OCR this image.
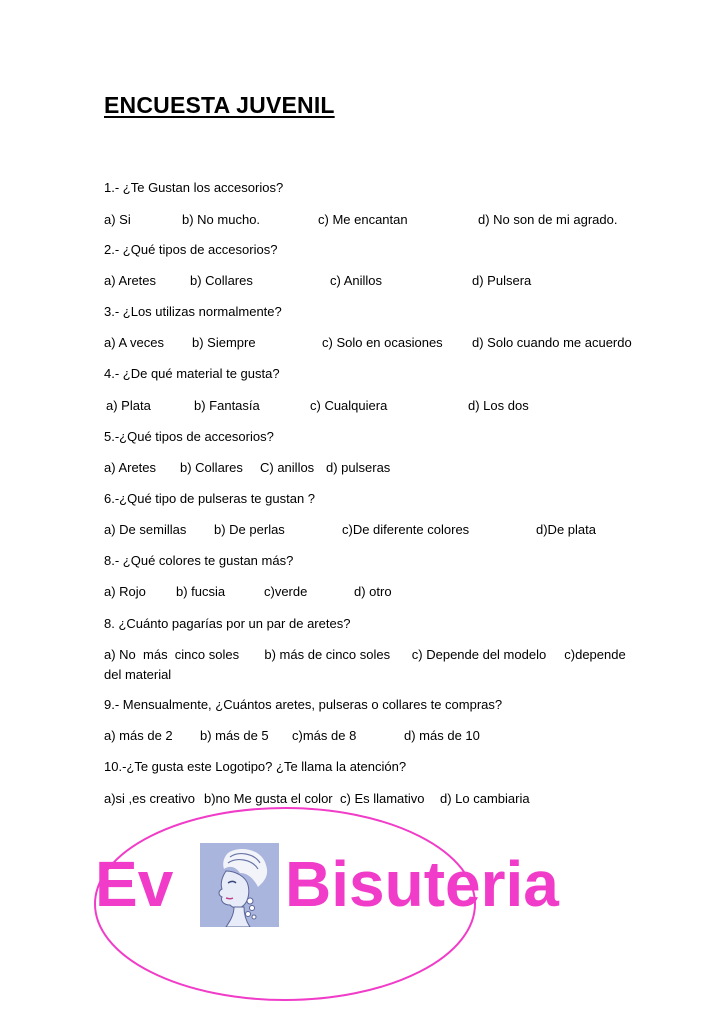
ENCUESTA JUVENIL
1.- ¿Te Gustan los accesorios?
a) Si	b) No mucho.	c) Me encantan	d) No son de mi agrado.
2.- ¿Qué tipos de accesorios?
a) Aretes	b) Collares	c) Anillos	d) Pulsera
3.- ¿Los utilizas normalmente?
a) A veces b) Siempre	c) Solo en ocasiones d) Solo cuando me acuerdo
4.- ¿De qué material te gusta?
a) Plata	b) Fantasía	c) Cualquiera	d) Los dos
5.-¿Qué tipos de accesorios?
a) Aretes b) Collares C) anillos d) pulseras
6.-¿Qué tipo de pulseras te gustan ?
a) De semillas b) De perlas	c)De diferente colores	d)De plata
8.- ¿Qué colores te gustan más?
a) Rojo b) fucsia	c)verde	d) otro
8. ¿Cuánto pagarías por un par de aretes?
a) No  más  cinco soles       b) más de cinco soles      c) Depende del modelo     c)depende del material
9.- Mensualmente, ¿Cuántos aretes, pulseras o collares te compras?
a) más de 2 b) más de 5 c)más de 8	d) más de 10
10.-¿Te gusta este Logotipo? ¿Te llama la atención?
a)si ,es creativo b)no Me gusta el color c) Es llamativo d) Lo cambiaria
Ev Bisuteria
